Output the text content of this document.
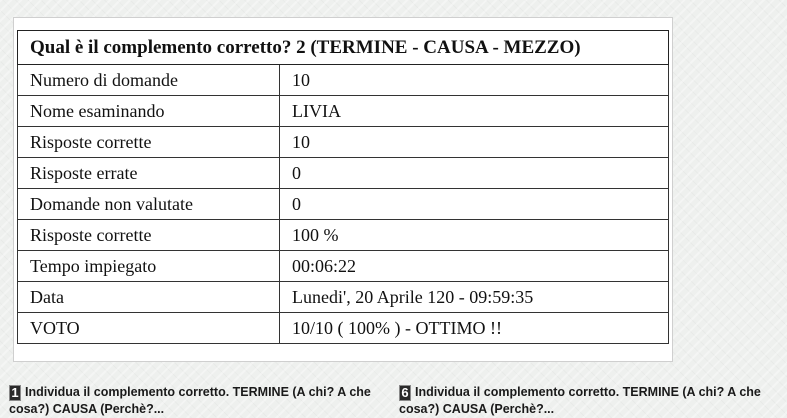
Qual è il complemento corretto? 2 (TERMINE - CAUSA - MEZZO)	
Numero di domande	10
Nome esaminando	LIVIA
Risposte corrette	10
Risposte errate	0
Domande non valutate	0
Risposte corrette	100 %
Tempo impiegato	00:06:22
Data	Lunedi', 20 Aprile 120 - 09:59:35
VOTO	10/10 ( 100% ) - OTTIMO !!
1 Individua il complemento corretto. TERMINE (A chi? A che
cosa?) CAUSA (Perchè?...
6 Individua il complemento corretto. TERMINE (A chi? A che
cosa?) CAUSA (Perchè?...
